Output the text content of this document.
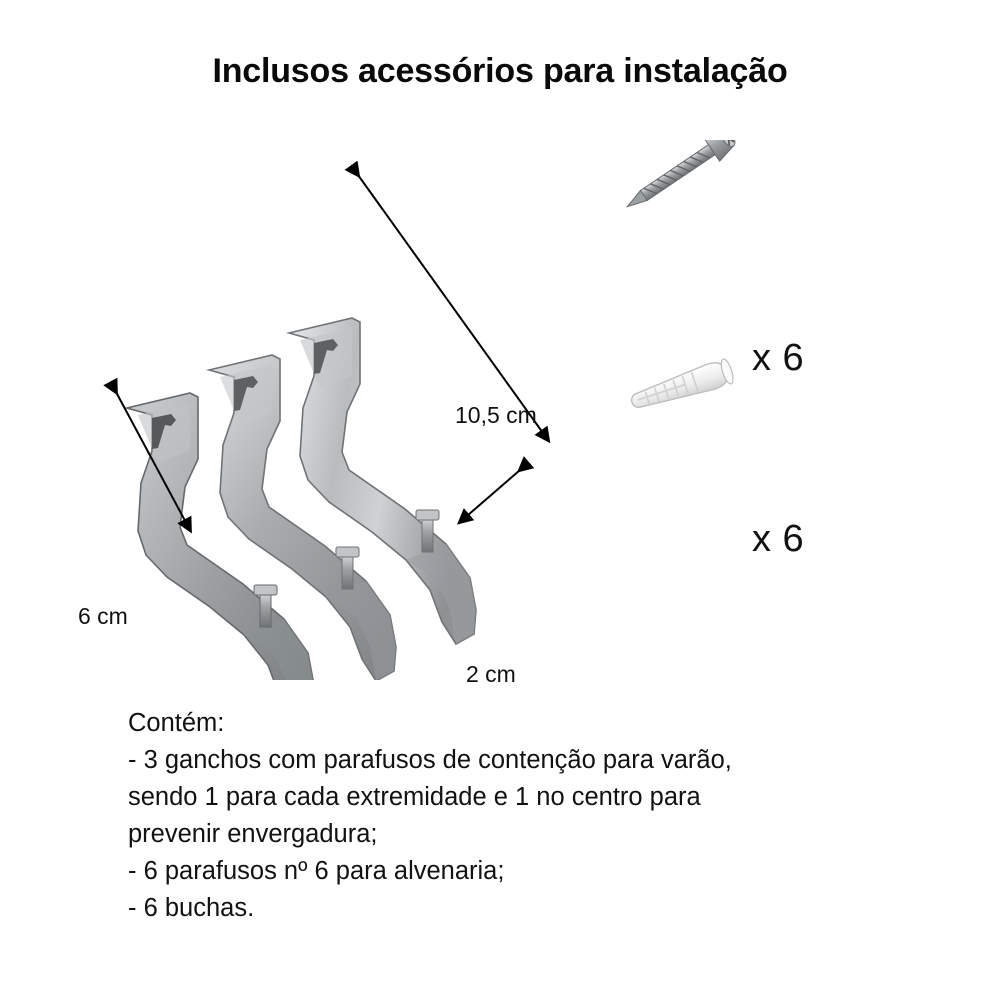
Inclusos acessórios para instalação
x 6
x 6
10,5 cm
6 cm
2 cm

Contém:

- 3 ganchos com parafusos de contenção para varão,

sendo 1 para cada extremidade e 1 no centro para

prevenir envergadura;

- 6 parafusos nº 6 para alvenaria;

- 6 buchas.
